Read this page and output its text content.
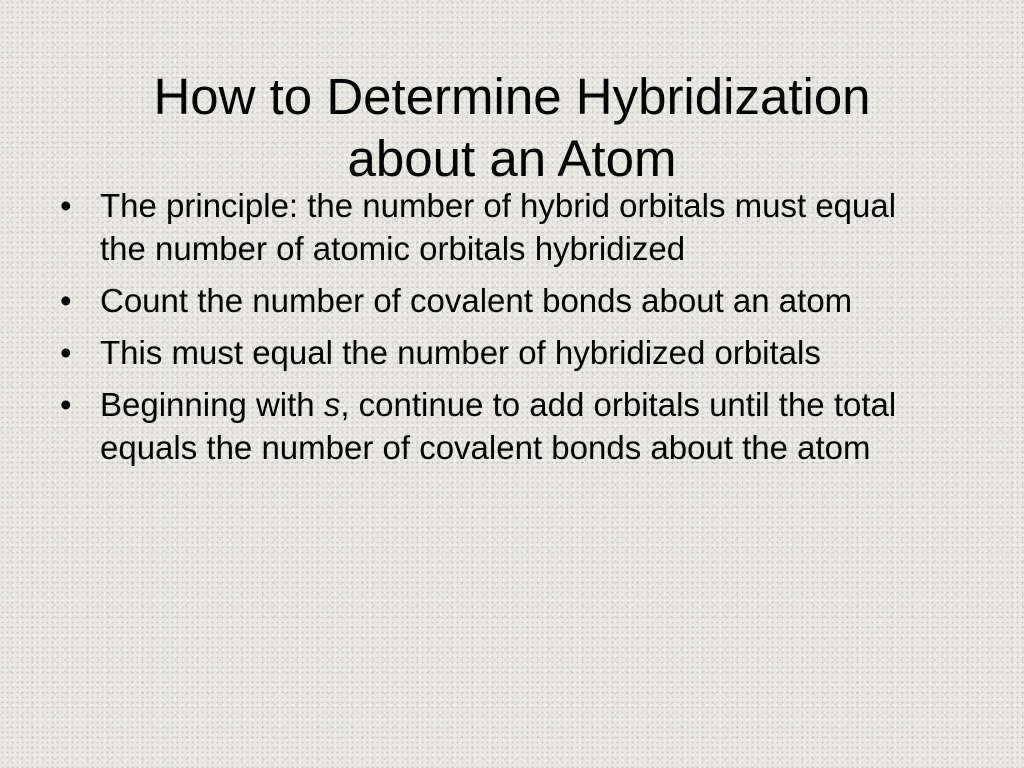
How to Determine Hybridization
about an Atom
• The principle: the number of hybrid orbitals must equal the number of atomic orbitals hybridized
• Count the number of covalent bonds about an atom
• This must equal the number of hybridized orbitals
• Beginning with s, continue to add orbitals until the total equals the number of covalent bonds about the atom
